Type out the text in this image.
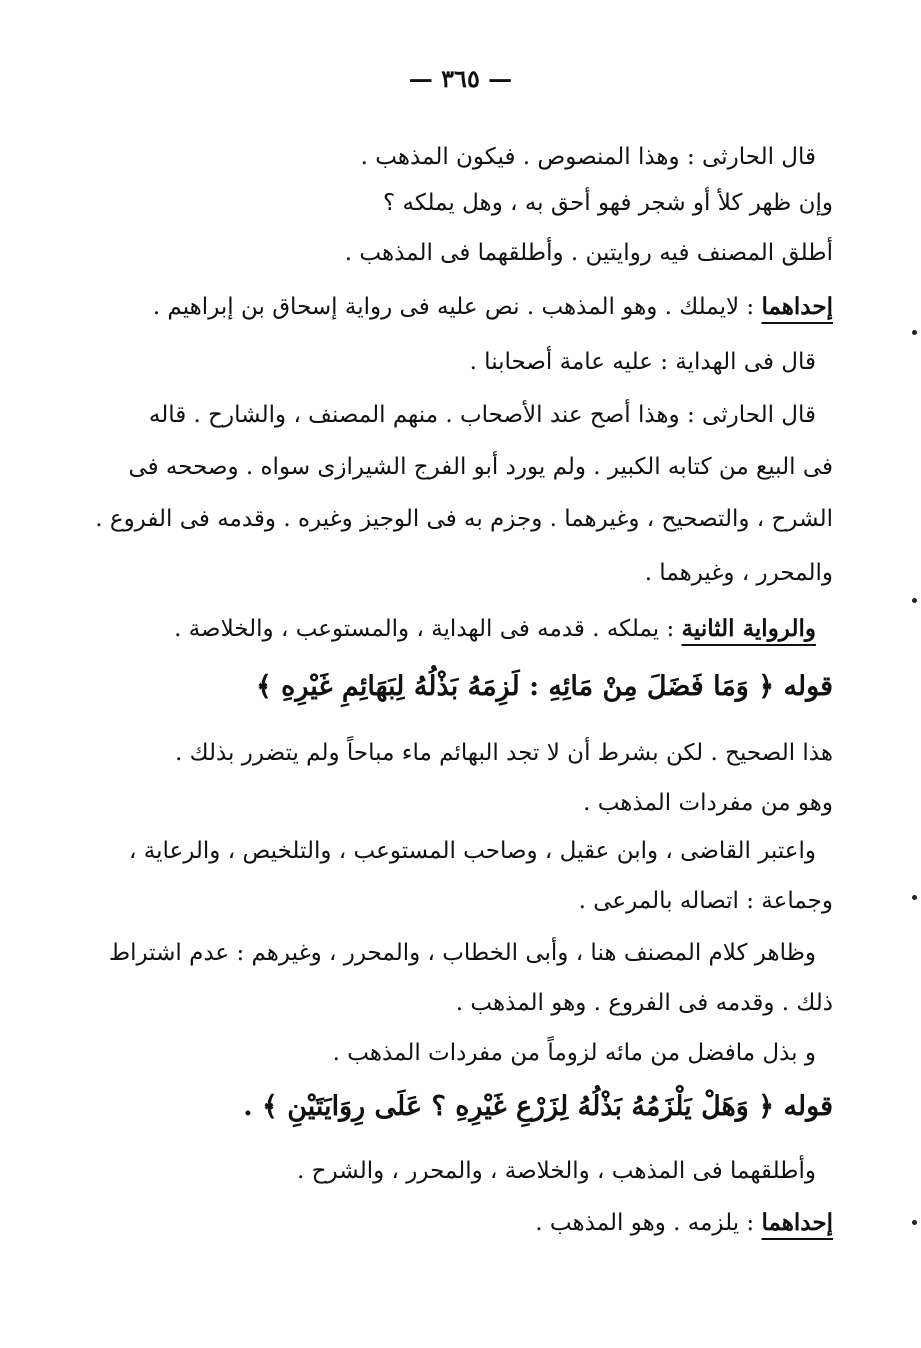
— ٣٦٥ —
قال الحارثى : وهذا المنصوص . فيكون المذهب .
وإن ظهر كلأ أو شجر فهو أحق به ، وهل يملكه ؟
أطلق المصنف فيه روايتين . وأطلقهما فى المذهب .
إحداهما : لايملك . وهو المذهب . نص عليه فى رواية إسحاق بن إبراهيم .
قال فى الهداية : عليه عامة أصحابنا .
قال الحارثى : وهذا أصح عند الأصحاب . منهم المصنف ، والشارح . قاله
فى البيع من كتابه الكبير . ولم يورد أبو الفرج الشيرازى سواه . وصححه فى
الشرح ، والتصحيح ، وغيرهما . وجزم به فى الوجيز وغيره . وقدمه فى الفروع .
والمحرر ، وغيرهما .
والرواية الثانية : يملكه . قدمه فى الهداية ، والمستوعب ، والخلاصة .
قوله ﴿ وَمَا فَضَلَ مِنْ مَائِهِ : لَزِمَهُ بَذْلُهُ لِبَهَائِمِ غَيْرِهِ ﴾
هذا الصحيح . لكن بشرط أن لا تجد البهائم ماء مباحاً ولم يتضرر بذلك .
وهو من مفردات المذهب .
واعتبر القاضى ، وابن عقيل ، وصاحب المستوعب ، والتلخيص ، والرعاية ،
وجماعة : اتصاله بالمرعى .
وظاهر كلام المصنف هنا ، وأبى الخطاب ، والمحرر ، وغيرهم : عدم اشتراط
ذلك . وقدمه فى الفروع . وهو المذهب .
و بذل مافضل من مائه لزوماً من مفردات المذهب .
قوله ﴿ وَهَلْ يَلْزَمُهُ بَذْلُهُ لِزَرْعِ غَيْرِهِ ؟ عَلَى رِوَايَتَيْنِ ﴾ .
وأطلقهما فى المذهب ، والخلاصة ، والمحرر ، والشرح .
إحداهما : يلزمه . وهو المذهب .
